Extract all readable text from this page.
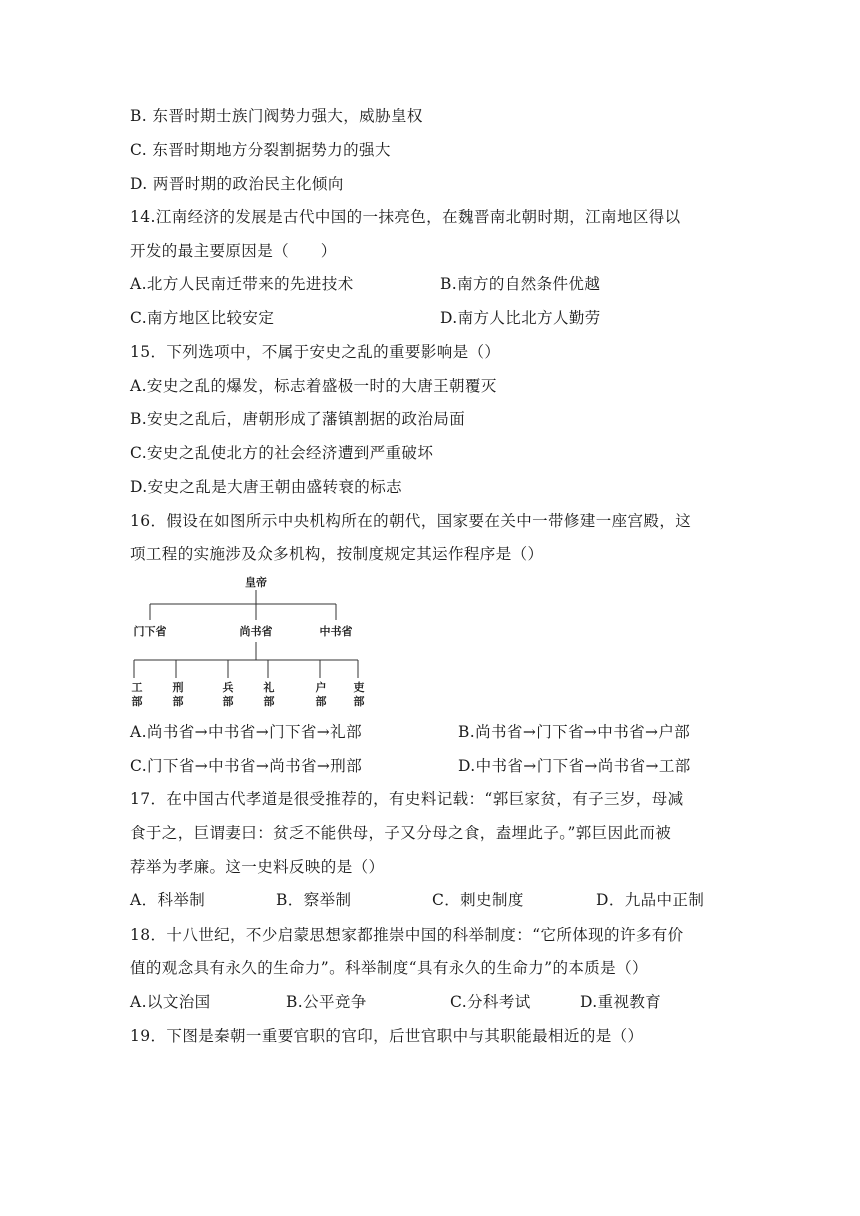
B. 东晋时期士族门阀势力强大，威胁皇权
C. 东晋时期地方分裂割据势力的强大
D. 两晋时期的政治民主化倾向
14.江南经济的发展是古代中国的一抹亮色，在魏晋南北朝时期，江南地区得以
开发的最主要原因是（　　）
A.北方人民南迁带来的先进技术	B.南方的自然条件优越
C.南方地区比较安定	D.南方人比北方人勤劳
15．下列选项中，不属于安史之乱的重要影响是（）
A.安史之乱的爆发，标志着盛极一时的大唐王朝覆灭
B.安史之乱后，唐朝形成了藩镇割据的政治局面
C.安史之乱使北方的社会经济遭到严重破坏
D.安史之乱是大唐王朝由盛转衰的标志
16．假设在如图所示中央机构所在的朝代，国家要在关中一带修建一座宫殿，这
项工程的实施涉及众多机构，按制度规定其运作程序是（）
皇帝
门下省	尚书省	中书省
工
部
刑
部
兵
部
礼
部
户
部
吏
部
A.尚书省→中书省→门下省→礼部	B.尚书省→门下省→中书省→户部
C.门下省→中书省→尚书省→刑部	D.中书省→门下省→尚书省→工部
17．在中国古代孝道是很受推荐的，有史料记载：“郭巨家贫，有子三岁，母减
食于之，巨谓妻曰：贫乏不能供母，子又分母之食，盍埋此子。”郭巨因此而被
荐举为孝廉。这一史料反映的是（）
A．科举制	B．察举制	C．刺史制度	D．九品中正制
18．十八世纪，不少启蒙思想家都推崇中国的科举制度：“它所体现的许多有价
值的观念具有永久的生命力”。科举制度“具有永久的生命力”的本质是（）
A.以文治国	B.公平竞争	C.分科考试	D.重视教育
19．下图是秦朝一重要官职的官印，后世官职中与其职能最相近的是（）
